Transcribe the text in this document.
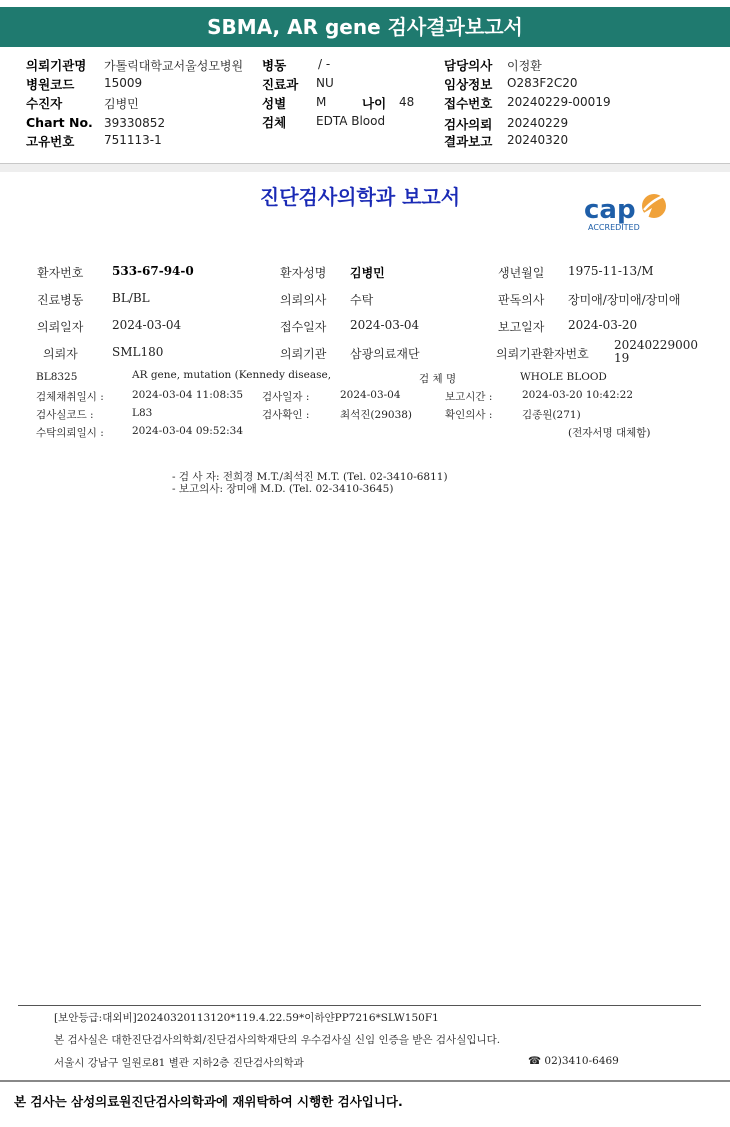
SBMA, AR gene 검사결과보고서
의뢰기관명 가톨릭대학교서울성모병원
병원코드 15009
수진자	김병민
Chart No. 39330852
고유번호 751113-1
병동	/ -
진료과 NU
성별 M	나이 48
검체 EDTA Blood
담당의사 이정환
임상정보 O283F2C20
접수번호 20240229-00019
검사의뢰 20240229
결과보고 20240320
진단검사의학과 보고서	cap
ACCREDITED
환자번호 533-67-94-0	환자성명 김병민	생년월일 1975-11-13/M
진료병동 BL/BL	의뢰의사 수탁	판독의사 장미애/장미애/장미애
의뢰일자 2024-03-04	접수일자 2024-03-04	보고일자 2024-03-20
의뢰자	SML180	의뢰기관 삼광의료재단	의뢰기관환자번호
2024022900019
BL8325	AR gene, mutation (Kennedy disease,	검 체 명	WHOLE BLOOD
검체채취일시 :	2024-03-04 11:08:35 검사일자 :	2024-03-04	보고시간 :	2024-03-20 10:42:22
검사실코드 :	L83	검사확인 :	최석진(29038)	확인의사 :	김종원(271)
수탁의뢰일시 :	2024-03-04 09:52:34	(전자서명 대체함)
- 검 사 자: 전희경 M.T./최석진 M.T. (Tel. 02-3410-6811)
- 보고의사: 장미애 M.D. (Tel. 02-3410-3645)
[보안등급:대외비]20240320113120*119.4.22.59*이하얀PP7216*SLW150F1
본 검사실은 대한진단검사의학회/진단검사의학재단의 우수검사실 신임 인증을 받은 검사실입니다.
서울시 강남구 일원로81 별관 지하2층 진단검사의학과	☎ 02)3410-6469
본 검사는 삼성의료원진단검사의학과에 재위탁하여 시행한 검사입니다.
